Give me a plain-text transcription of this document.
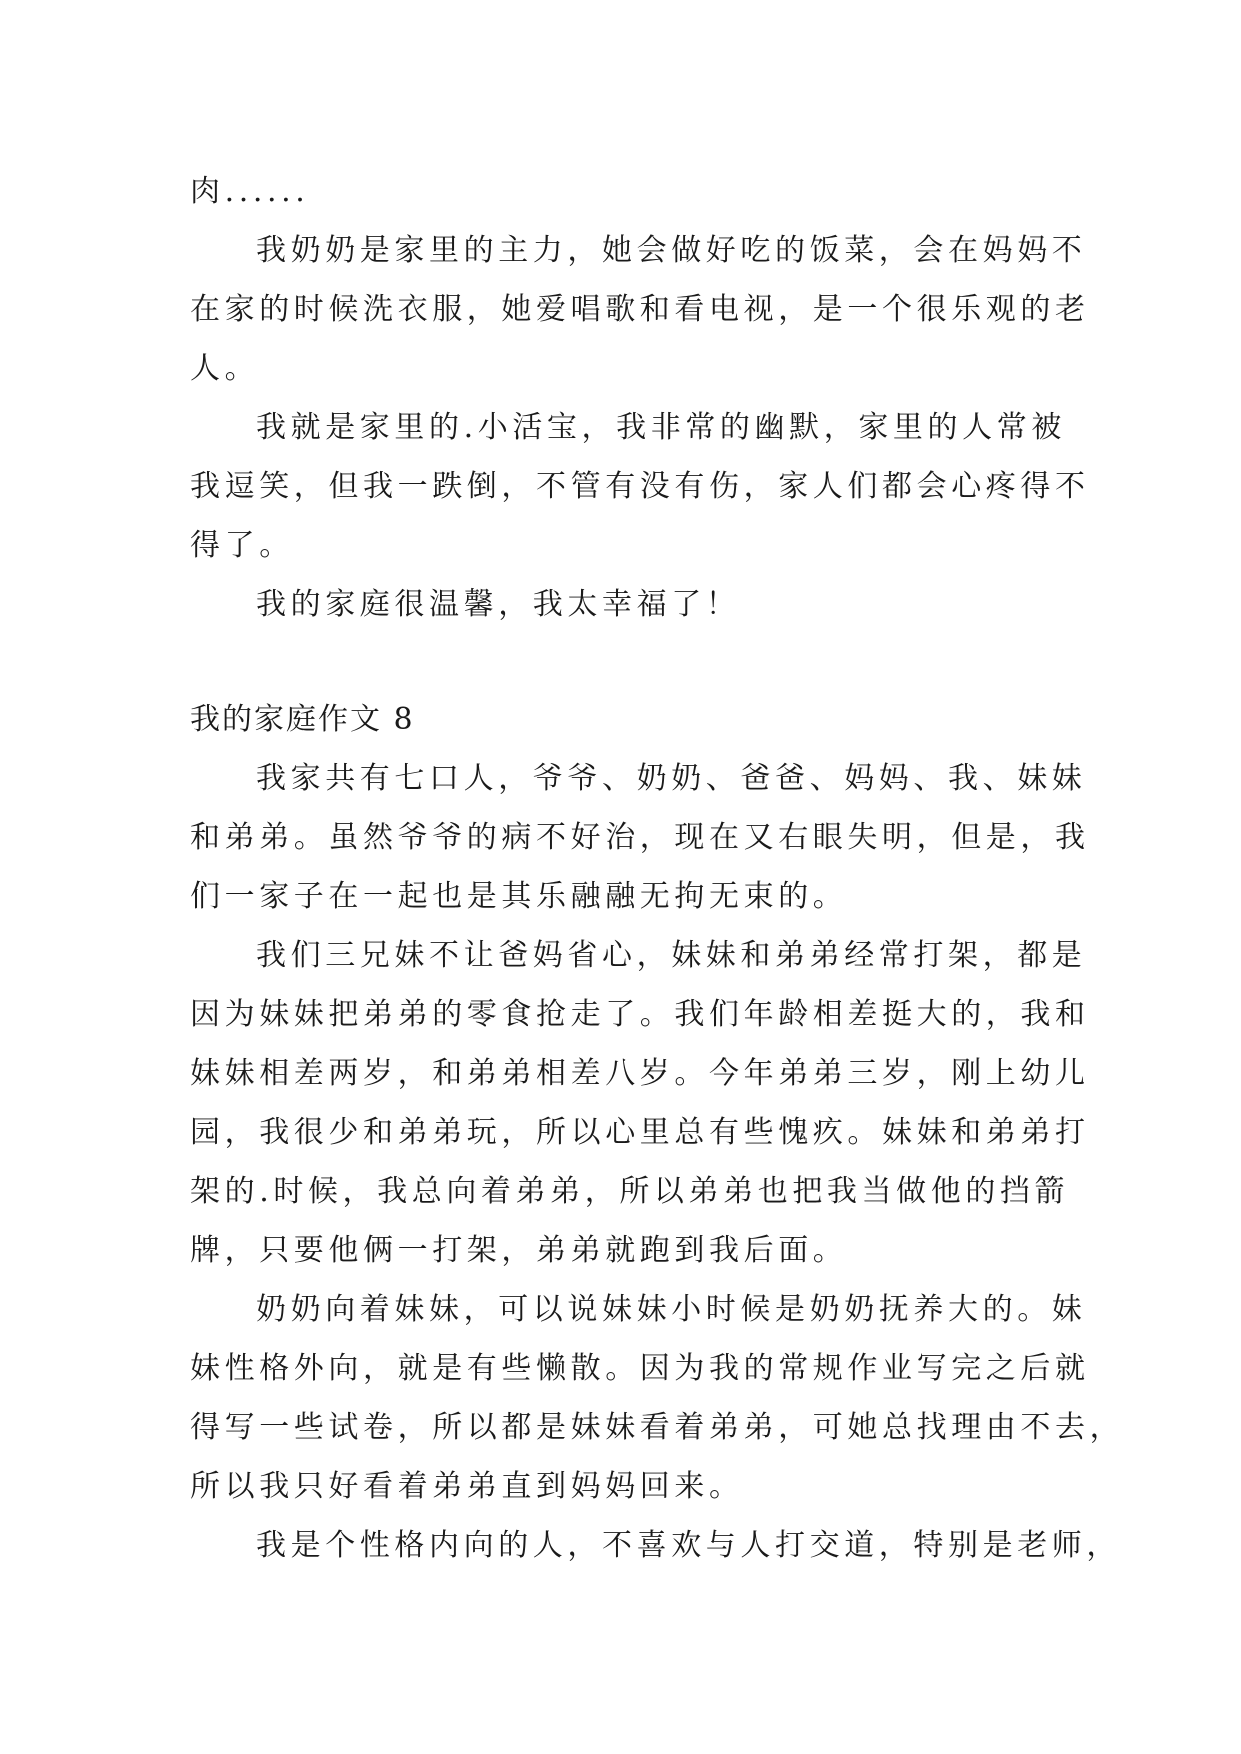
肉......
我奶奶是家里的主力，她会做好吃的饭菜，会在妈妈不
在家的时候洗衣服，她爱唱歌和看电视，是一个很乐观的老
人。
我就是家里的.小活宝，我非常的幽默，家里的人常被
我逗笑，但我一跌倒，不管有没有伤，家人们都会心疼得不
得了。
我的家庭很温馨，我太幸福了！
我的家庭作文 8
我家共有七口人，爷爷、奶奶、爸爸、妈妈、我、妹妹
和弟弟。虽然爷爷的病不好治，现在又右眼失明，但是，我
们一家子在一起也是其乐融融无拘无束的。
我们三兄妹不让爸妈省心，妹妹和弟弟经常打架，都是
因为妹妹把弟弟的零食抢走了。我们年龄相差挺大的，我和
妹妹相差两岁，和弟弟相差八岁。今年弟弟三岁，刚上幼儿
园，我很少和弟弟玩，所以心里总有些愧疚。妹妹和弟弟打
架的.时候，我总向着弟弟，所以弟弟也把我当做他的挡箭
牌，只要他俩一打架，弟弟就跑到我后面。
奶奶向着妹妹，可以说妹妹小时候是奶奶抚养大的。妹
妹性格外向，就是有些懒散。因为我的常规作业写完之后就
得写一些试卷，所以都是妹妹看着弟弟，可她总找理由不去，
所以我只好看着弟弟直到妈妈回来。
我是个性格内向的人，不喜欢与人打交道，特别是老师，
